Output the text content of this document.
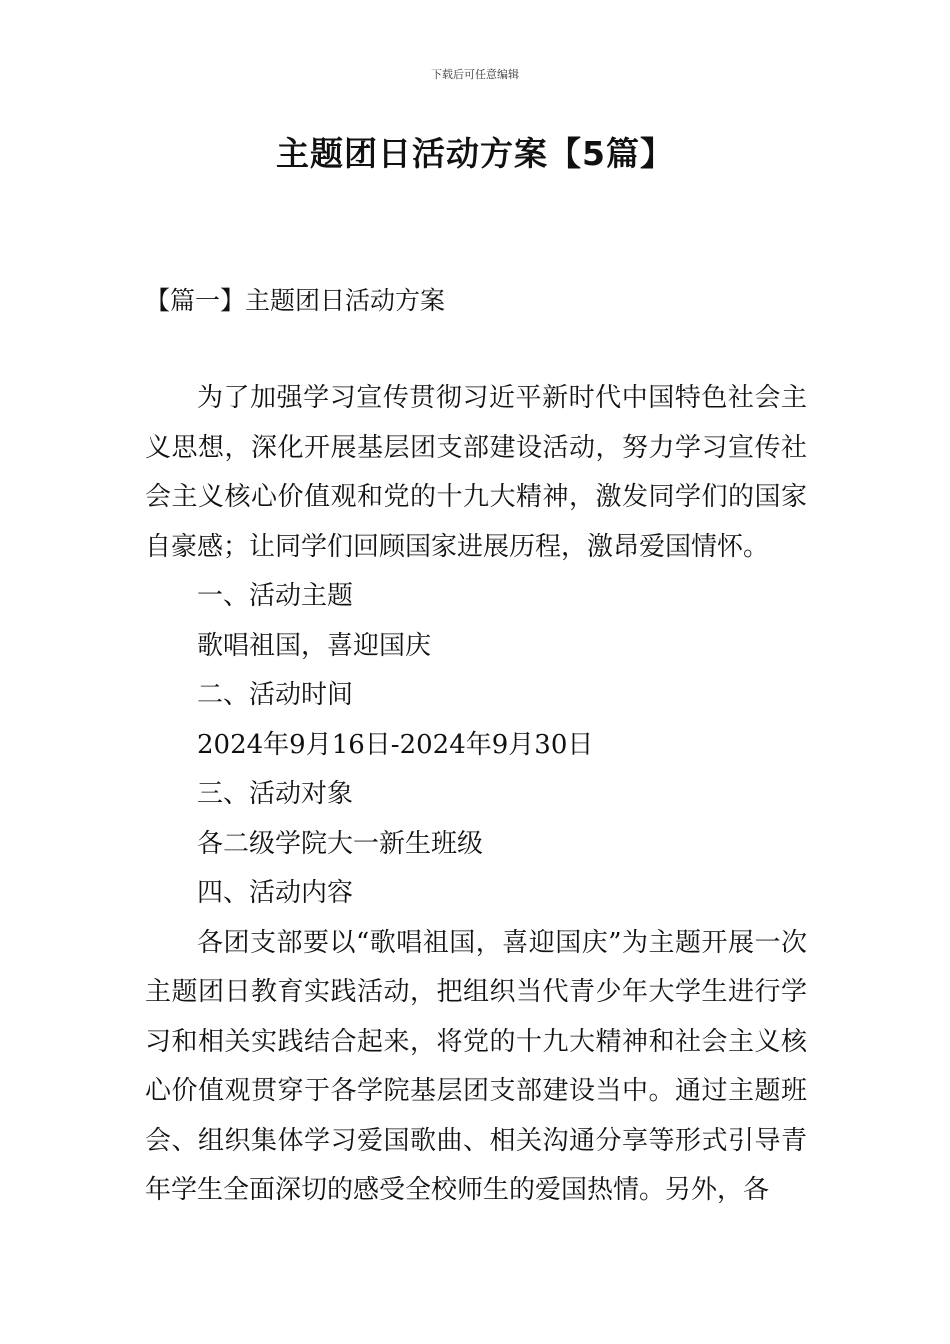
下载后可任意编辑
主题团日活动方案【5篇】
【篇一】主题团日活动方案

为了加强学习宣传贯彻习近平新时代中国特色社会主义思想，深化开展基层团支部建设活动，努力学习宣传社会主义核心价值观和党的十九大精神，激发同学们的国家自豪感；让同学们回顾国家进展历程，激昂爱国情怀。

一、活动主题

歌唱祖国，喜迎国庆

二、活动时间

2024年9月16日-2024年9月30日

三、活动对象

各二级学院大一新生班级

四、活动内容

各团支部要以“歌唱祖国，喜迎国庆”为主题开展一次主题团日教育实践活动，把组织当代青少年大学生进行学习和相关实践结合起来，将党的十九大精神和社会主义核心价值观贯穿于各学院基层团支部建设当中。通过主题班会、组织集体学习爱国歌曲、相关沟通分享等形式引导青年学生全面深切的感受全校师生的爱国热情。另外，各
